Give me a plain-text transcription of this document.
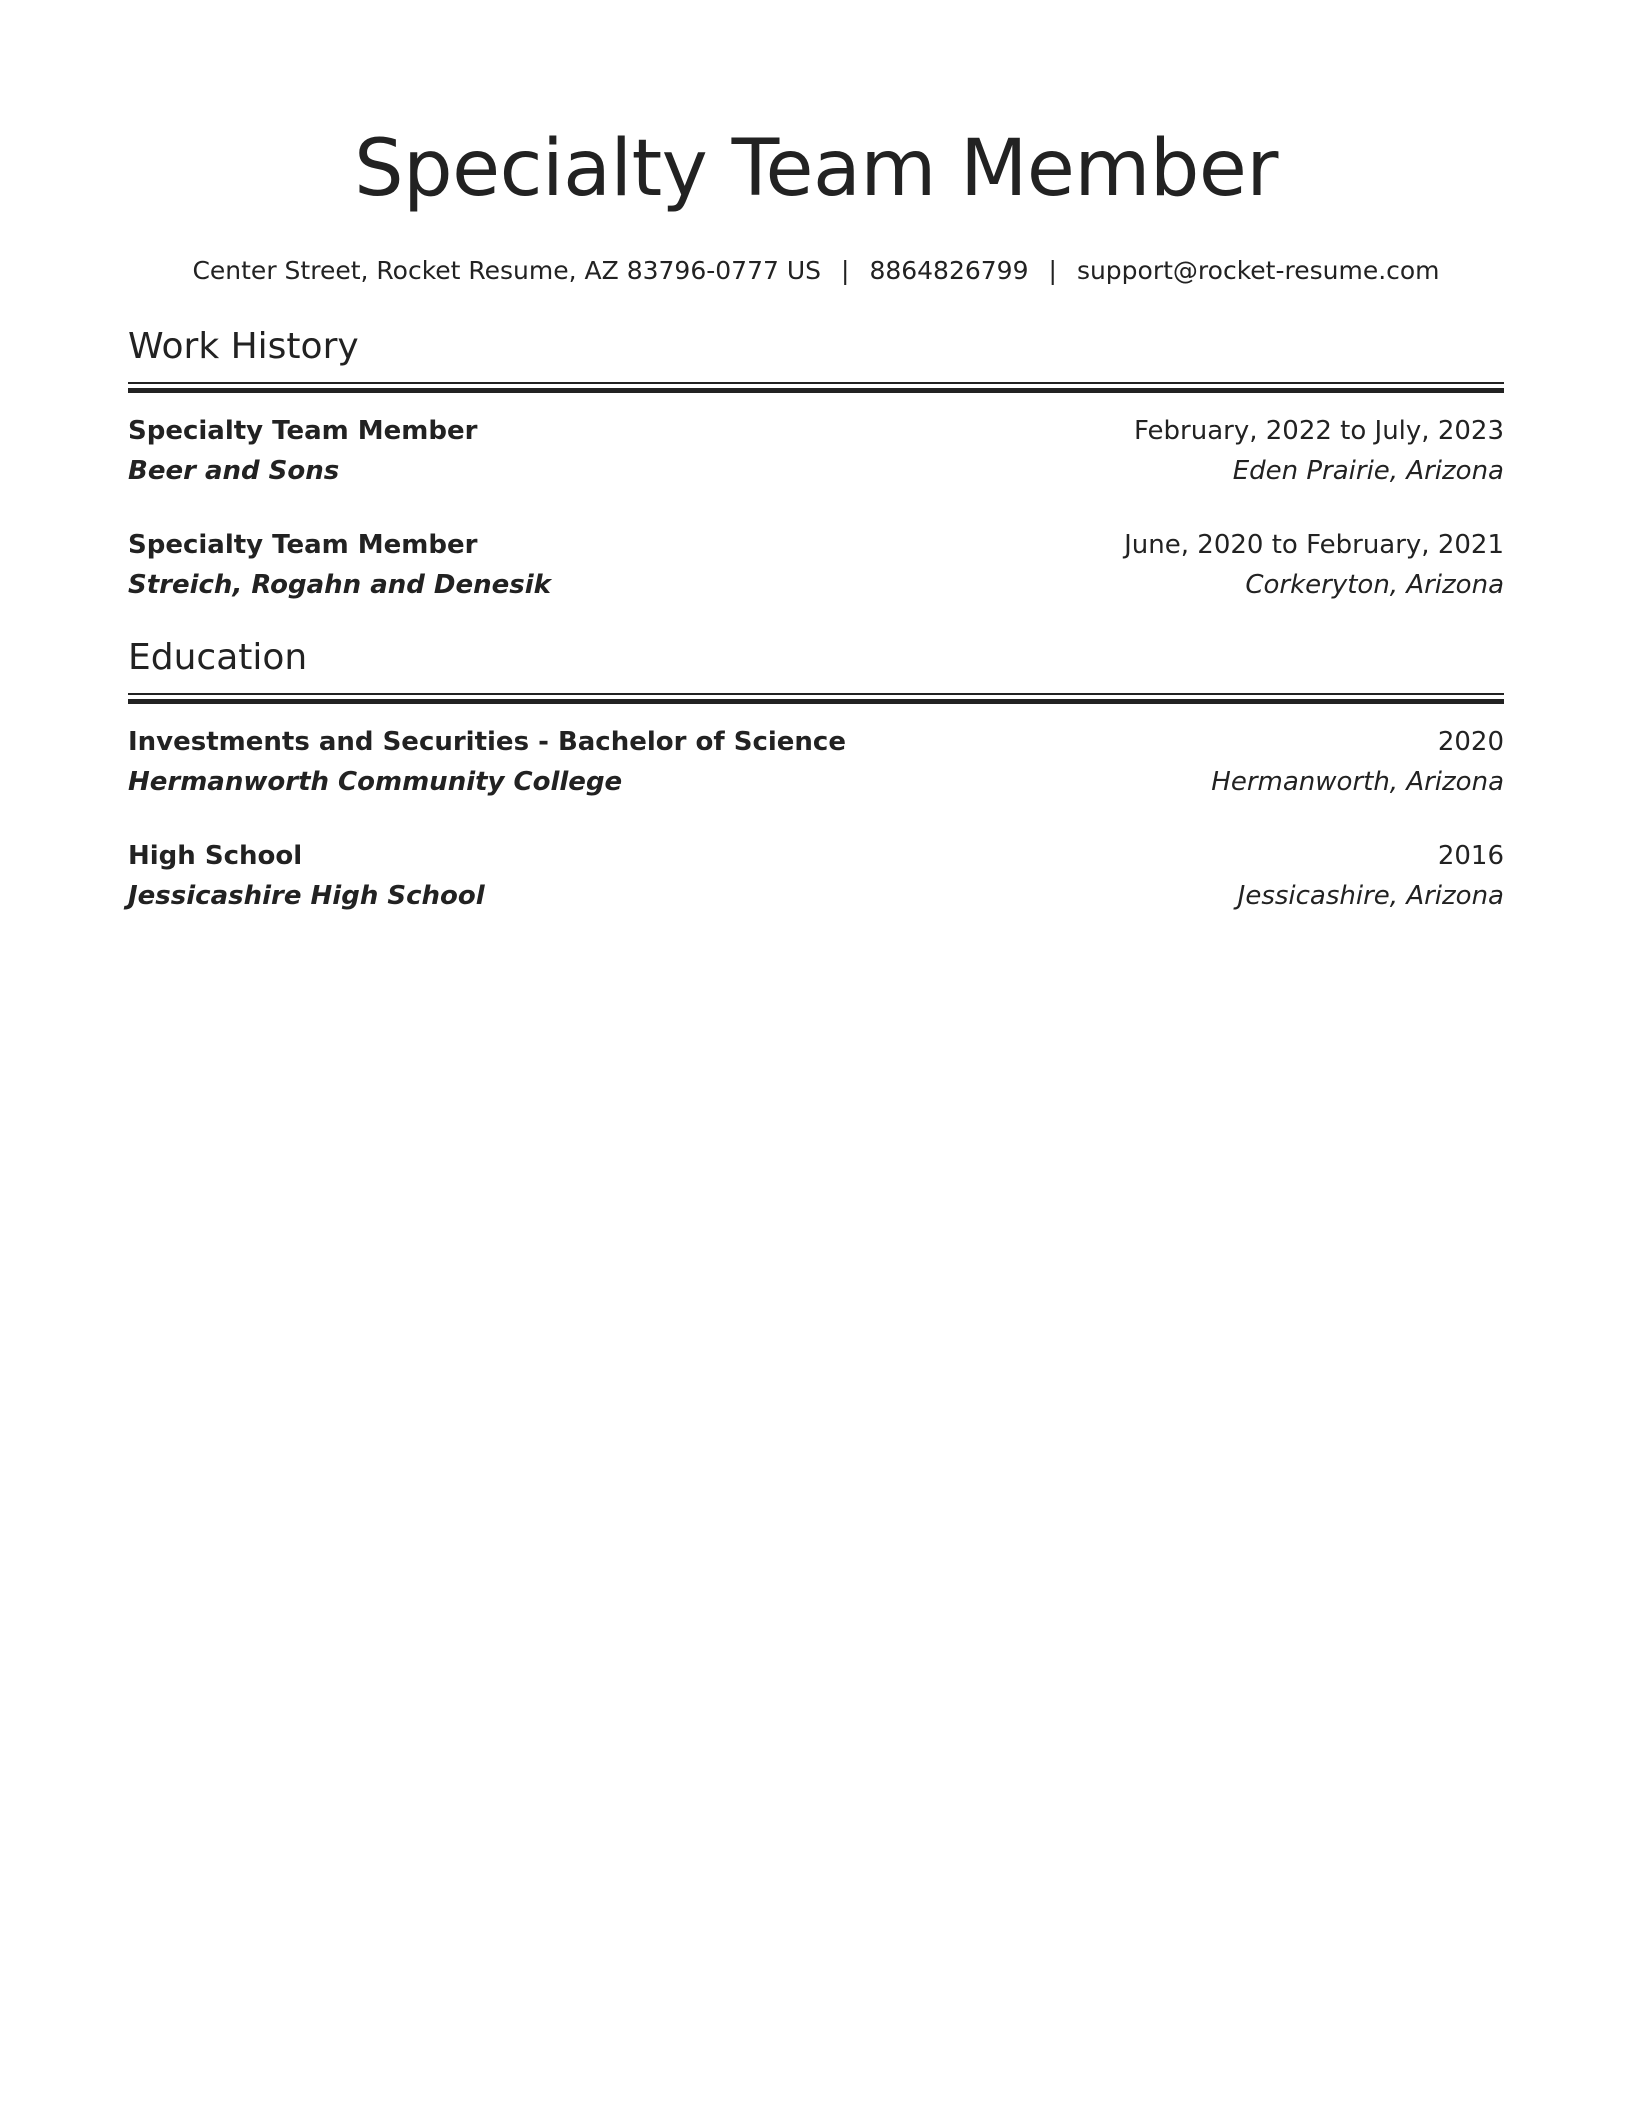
Specialty Team Member
Center Street, Rocket Resume, AZ 83796-0777 US | 8864826799 | support@rocket-resume.com
Work History
Specialty Team Member	February, 2022 to July, 2023
Beer and Sons	Eden Prairie, Arizona
Specialty Team Member	June, 2020 to February, 2021
Streich, Rogahn and Denesik	Corkeryton, Arizona
Education
Investments and Securities - Bachelor of Science	2020
Hermanworth Community College	Hermanworth, Arizona
High School	2016
Jessicashire High School	Jessicashire, Arizona
